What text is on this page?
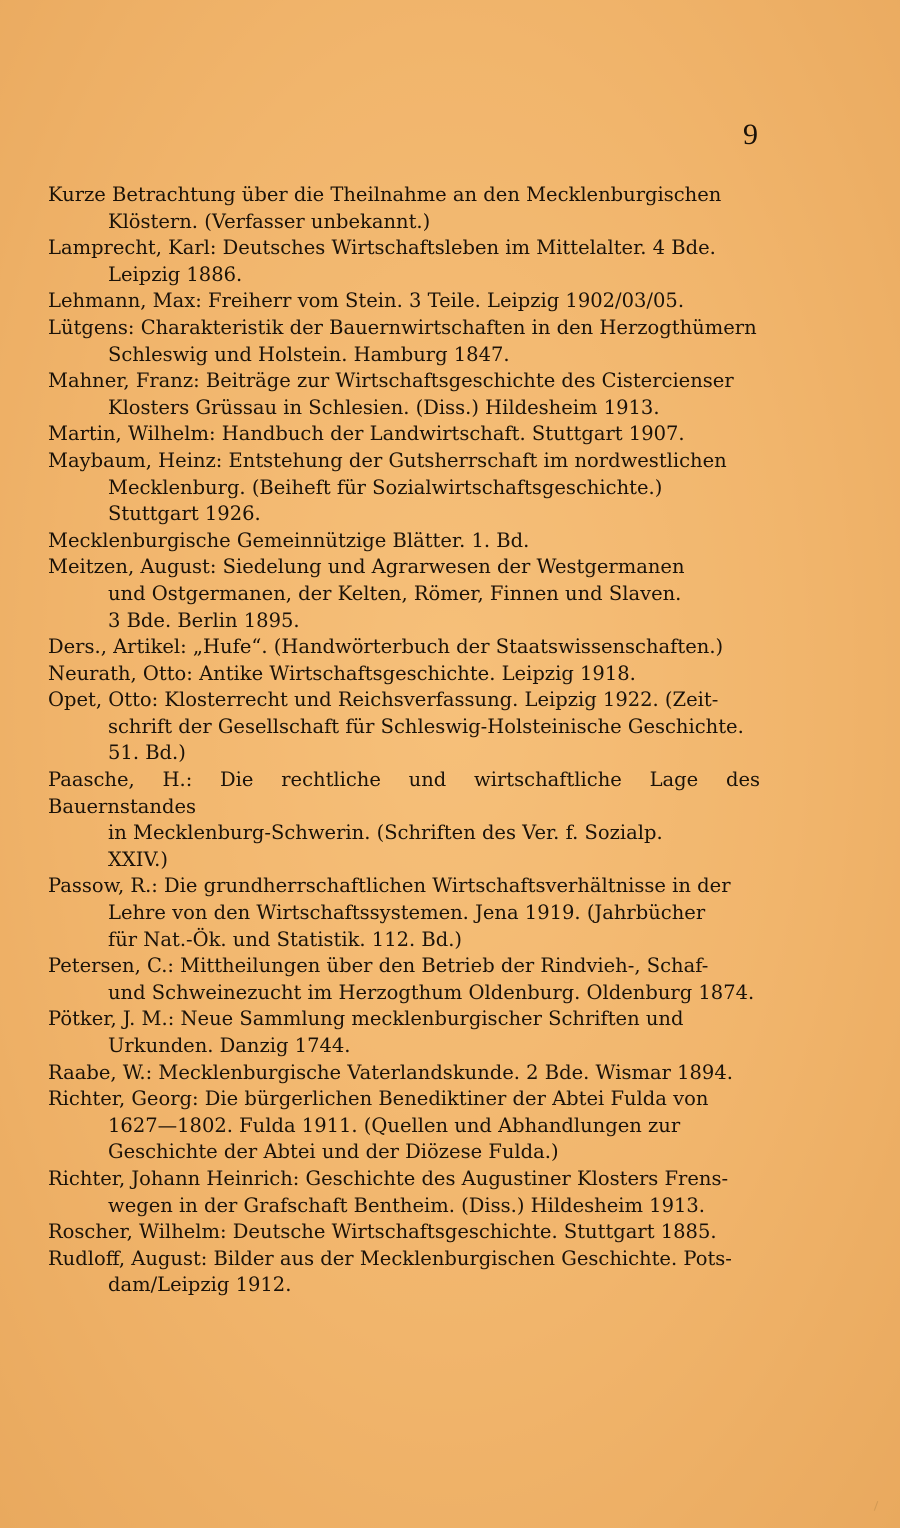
9
Kurze Betrachtung über die Theilnahme an den Mecklenburgischen
Klöstern. (Verfasser unbekannt.)
Lamprecht, Karl: Deutsches Wirtschaftsleben im Mittelalter. 4 Bde.
Leipzig 1886.
Lehmann, Max: Freiherr vom Stein. 3 Teile. Leipzig 1902/03/05.
Lütgens: Charakteristik der Bauernwirtschaften in den Herzogthümern
Schleswig und Holstein. Hamburg 1847.
Mahner, Franz: Beiträge zur Wirtschaftsgeschichte des Cistercienser
Klosters Grüssau in Schlesien. (Diss.) Hildesheim 1913.
Martin, Wilhelm: Handbuch der Landwirtschaft. Stuttgart 1907.
Maybaum, Heinz: Entstehung der Gutsherrschaft im nordwestlichen
Mecklenburg. (Beiheft für Sozialwirtschaftsgeschichte.)
Stuttgart 1926.
Mecklenburgische Gemeinnützige Blätter. 1. Bd.
Meitzen, August: Siedelung und Agrarwesen der Westgermanen
und Ostgermanen, der Kelten, Römer, Finnen und Slaven.
3 Bde. Berlin 1895.
Ders., Artikel: „Hufe“. (Handwörterbuch der Staatswissenschaften.)
Neurath, Otto: Antike Wirtschaftsgeschichte. Leipzig 1918.
Opet, Otto: Klosterrecht und Reichsverfassung. Leipzig 1922. (Zeit-
schrift der Gesellschaft für Schleswig-Holsteinische Geschichte.
51. Bd.)
Paasche, H.: Die rechtliche und wirtschaftliche Lage des Bauernstandes
in Mecklenburg-Schwerin. (Schriften des Ver. f. Sozialp.
XXIV.)
Passow, R.: Die grundherrschaftlichen Wirtschaftsverhältnisse in der
Lehre von den Wirtschaftssystemen. Jena 1919. (Jahrbücher
für Nat.-Ök. und Statistik. 112. Bd.)
Petersen, C.: Mittheilungen über den Betrieb der Rindvieh-, Schaf-
und Schweinezucht im Herzogthum Oldenburg. Oldenburg 1874.
Pötker, J. M.: Neue Sammlung mecklenburgischer Schriften und
Urkunden. Danzig 1744.
Raabe, W.: Mecklenburgische Vaterlandskunde. 2 Bde. Wismar 1894.
Richter, Georg: Die bürgerlichen Benediktiner der Abtei Fulda von
1627—1802. Fulda 1911. (Quellen und Abhandlungen zur
Geschichte der Abtei und der Diözese Fulda.)
Richter, Johann Heinrich: Geschichte des Augustiner Klosters Frens-
wegen in der Grafschaft Bentheim. (Diss.) Hildesheim 1913.
Roscher, Wilhelm: Deutsche Wirtschaftsgeschichte. Stuttgart 1885.
Rudloff, August: Bilder aus der Mecklenburgischen Geschichte. Pots-
dam/Leipzig 1912.
